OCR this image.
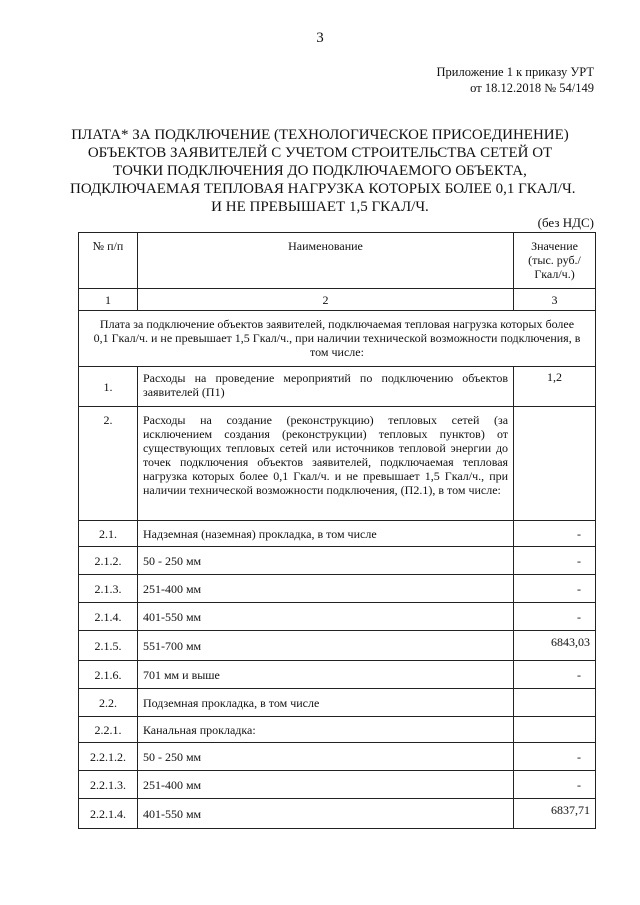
3
Приложение 1 к приказу УРТ
от 18.12.2018 № 54/149
ПЛАТА* ЗА ПОДКЛЮЧЕНИЕ (ТЕХНОЛОГИЧЕСКОЕ ПРИСОЕДИНЕНИЕ)
ОБЪЕКТОВ ЗАЯВИТЕЛЕЙ С УЧЕТОМ СТРОИТЕЛЬСТВА СЕТЕЙ ОТ
ТОЧКИ ПОДКЛЮЧЕНИЯ ДО ПОДКЛЮЧАЕМОГО ОБЪЕКТА,
ПОДКЛЮЧАЕМАЯ ТЕПЛОВАЯ НАГРУЗКА КОТОРЫХ БОЛЕЕ 0,1 ГКАЛ/Ч.
И НЕ ПРЕВЫШАЕТ 1,5 ГКАЛ/Ч.
(без НДС)
№ п/п	Наименование	Значение (тыс. руб./Гкал/ч.)
1	2	3
Плата за подключение объектов заявителей, подключаемая тепловая нагрузка которых более 0,1 Гкал/ч. и не превышает 1,5 Гкал/ч., при наличии технической возможности подключения, в том числе:		
1.	Расходы на проведение мероприятий по подключению объектов заявителей (П1)	1,2
2.	Расходы на создание (реконструкцию) тепловых сетей (за исключением создания (реконструкции) тепловых пунктов) от существующих тепловых сетей или источников тепловой энергии до точек подключения объектов заявителей, подключаемая тепловая нагрузка которых более 0,1 Гкал/ч. и не превышает 1,5 Гкал/ч., при наличии технической возможности подключения, (П2.1), в том числе:	
2.1.	Надземная (наземная) прокладка, в том числе	-
2.1.2.	50 - 250 мм	-
2.1.3.	251-400 мм	-
2.1.4.	401-550 мм	-
2.1.5.	551-700 мм	6843,03
2.1.6.	701 мм и выше	-
2.2.	Подземная прокладка, в том числе	
2.2.1.	Канальная прокладка:	
2.2.1.2.	50 - 250 мм	-
2.2.1.3.	251-400 мм	-
2.2.1.4.	401-550 мм	6837,71
